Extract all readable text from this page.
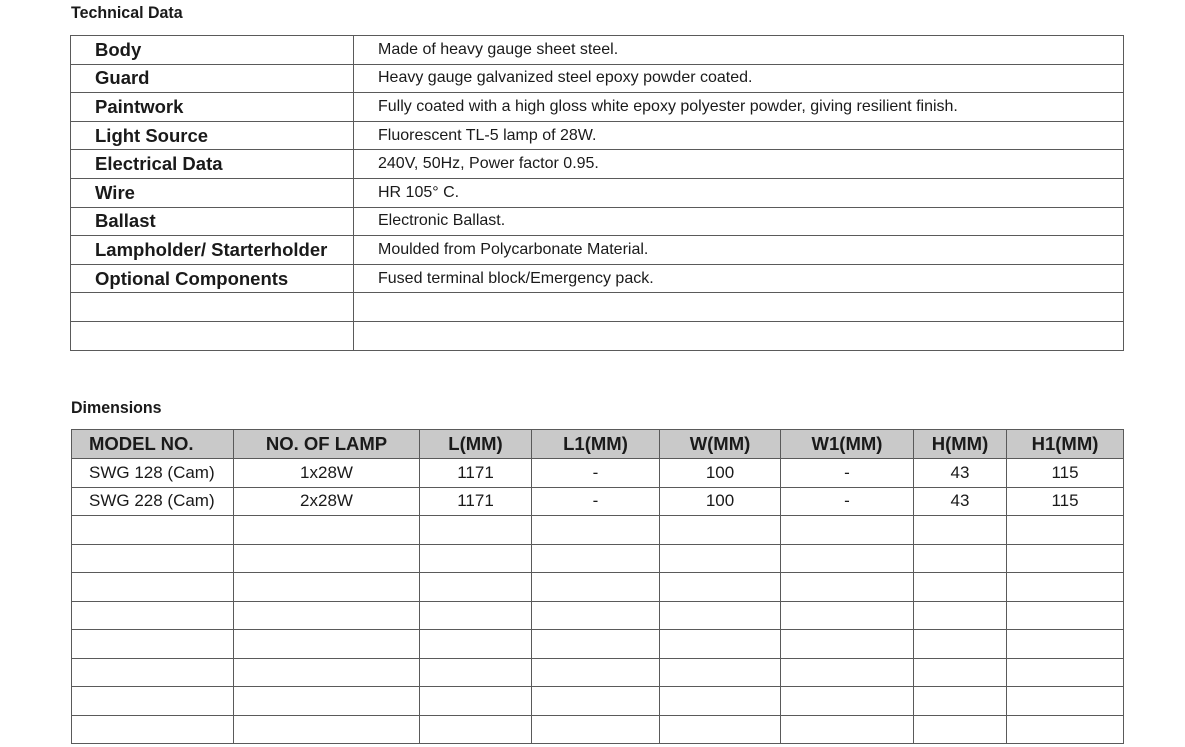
Technical Data
Body	Made of heavy gauge sheet steel.
Guard	Heavy gauge galvanized steel epoxy powder coated.
Paintwork	Fully coated with a high gloss white epoxy polyester powder, giving resilient finish.
Light Source	Fluorescent TL-5 lamp of 28W.
Electrical Data	240V, 50Hz, Power factor 0.95.
Wire	HR 105° C.
Ballast	Electronic Ballast.
Lampholder/ Starterholder	Moulded from Polycarbonate Material.
Optional Components	Fused terminal block/Emergency pack.

Dimensions
MODEL NO.	NO. OF LAMP	L(MM)	L1(MM)	W(MM)	W1(MM)	H(MM)	H1(MM)
SWG 128 (Cam)	1x28W	1171	-	100	-	43	115
SWG 228 (Cam)	2x28W	1171	-	100	-	43	115
